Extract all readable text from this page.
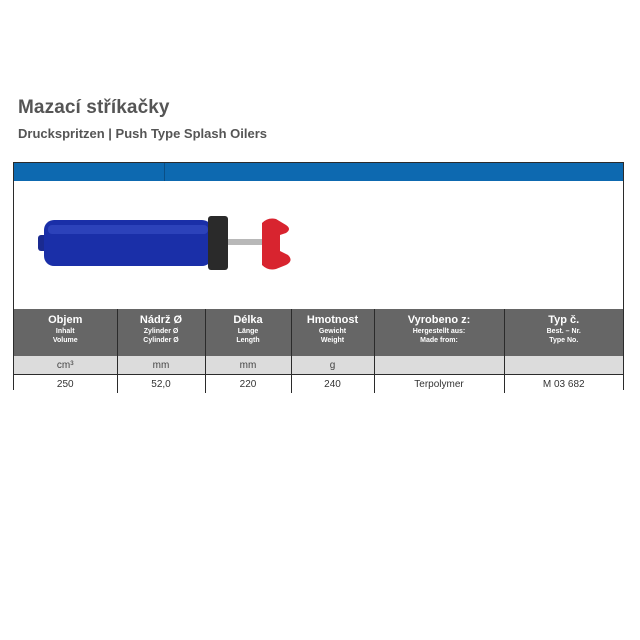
Mazací stříkačky
Druckspritzen | Push Type Splash Oilers
Objem
Inhalt
Volume	Nádrž Ø
Zylinder Ø
Cylinder Ø	Délka
Länge
Length	Hmotnost
Gewicht
Weight	Vyrobeno z:
Hergestellt aus:
Made from:	Typ č.
Best. – Nr.
Type No.

cm³	mm	mm	g		
250	52,0	220	240	Terpolymer	M 03 682
